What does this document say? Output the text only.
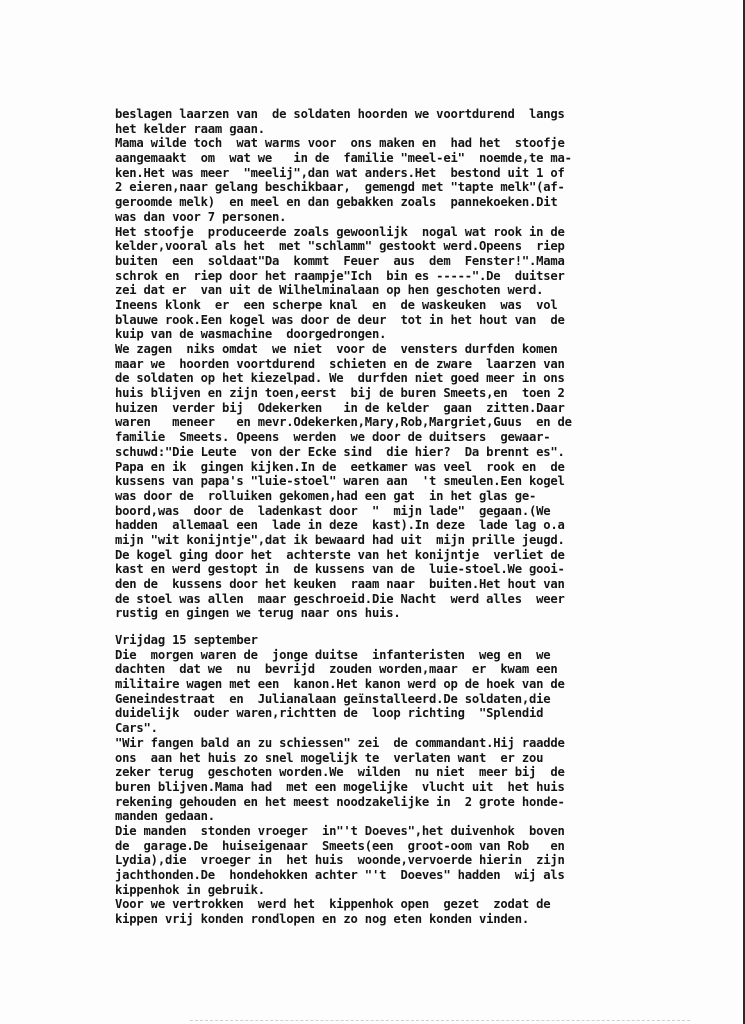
beslagen laarzen van  de soldaten hoorden we voortdurend  langs
het kelder raam gaan.
Mama wilde toch  wat warms voor  ons maken en  had het  stoofje
aangemaakt  om  wat we   in de  familie "meel-ei"  noemde,te ma-
ken.Het was meer  "meelij",dan wat anders.Het  bestond uit 1 of
2 eieren,naar gelang beschikbaar,  gemengd met "tapte melk"(af-
geroomde melk)  en meel en dan gebakken zoals  pannekoeken.Dit
was dan voor 7 personen.
Het stoofje  produceerde zoals gewoonlijk  nogal wat rook in de
kelder,vooral als het  met "schlamm" gestookt werd.Opeens  riep
buiten  een  soldaat"Da  kommt  Feuer  aus  dem  Fenster!".Mama
schrok en  riep door het raampje"Ich  bin es -----".De  duitser
zei dat er  van uit de Wilhelminalaan op hen geschoten werd.
Ineens klonk  er  een scherpe knal  en  de waskeuken  was  vol
blauwe rook.Een kogel was door de deur  tot in het hout van  de
kuip van de wasmachine  doorgedrongen.
We zagen  niks omdat  we niet  voor de  vensters durfden komen
maar we  hoorden voortdurend  schieten en de zware  laarzen van
de soldaten op het kiezelpad. We  durfden niet goed meer in ons
huis blijven en zijn toen,eerst  bij de buren Smeets,en  toen 2
huizen  verder bij  Odekerken   in de kelder  gaan  zitten.Daar
waren   meneer   en mevr.Odekerken,Mary,Rob,Margriet,Guus  en de
familie  Smeets. Opeens  werden  we door de duitsers  gewaar-
schuwd:"Die Leute  von der Ecke sind  die hier?  Da brennt es".
Papa en ik  gingen kijken.In de  eetkamer was veel  rook en  de
kussens van papa's "luie-stoel" waren aan  't smeulen.Een kogel
was door de  rolluiken gekomen,had een gat  in het glas ge-
boord,was  door de  ladenkast door  "  mijn lade"  gegaan.(We
hadden  allemaal een  lade in deze  kast).In deze  lade lag o.a
mijn "wit konijntje",dat ik bewaard had uit  mijn prille jeugd.
De kogel ging door het  achterste van het konijntje  verliet de
kast en werd gestopt in  de kussens van de  luie-stoel.We gooi-
den de  kussens door het keuken  raam naar  buiten.Het hout van
de stoel was allen  maar geschroeid.Die Nacht  werd alles  weer
rustig en gingen we terug naar ons huis.
Vrijdag 15 september
Die  morgen waren de  jonge duitse  infanteristen  weg en  we
dachten  dat we  nu  bevrijd  zouden worden,maar  er  kwam een
militaire wagen met een  kanon.Het kanon werd op de hoek van de
Geneindestraat  en  Julianalaan geïnstalleerd.De soldaten,die
duidelijk  ouder waren,richtten de  loop richting  "Splendid
Cars".
"Wir fangen bald an zu schiessen" zei  de commandant.Hij raadde
ons  aan het huis zo snel mogelijk te  verlaten want  er zou
zeker terug  geschoten worden.We  wilden  nu niet  meer bij  de
buren blijven.Mama had  met een mogelijke  vlucht uit  het huis
rekening gehouden en het meest noodzakelijke in  2 grote honde-
manden gedaan.
Die manden  stonden vroeger  in"'t Doeves",het duivenhok  boven
de  garage.De  huiseigenaar  Smeets(een  groot-oom van Rob   en
Lydia),die  vroeger in  het huis  woonde,vervoerde hierin  zijn
jachthonden.De  hondehokken achter "'t  Doeves" hadden  wij als
kippenhok in gebruik.
Voor we vertrokken  werd het  kippenhok open  gezet  zodat de
kippen vrij konden rondlopen en zo nog eten konden vinden.
